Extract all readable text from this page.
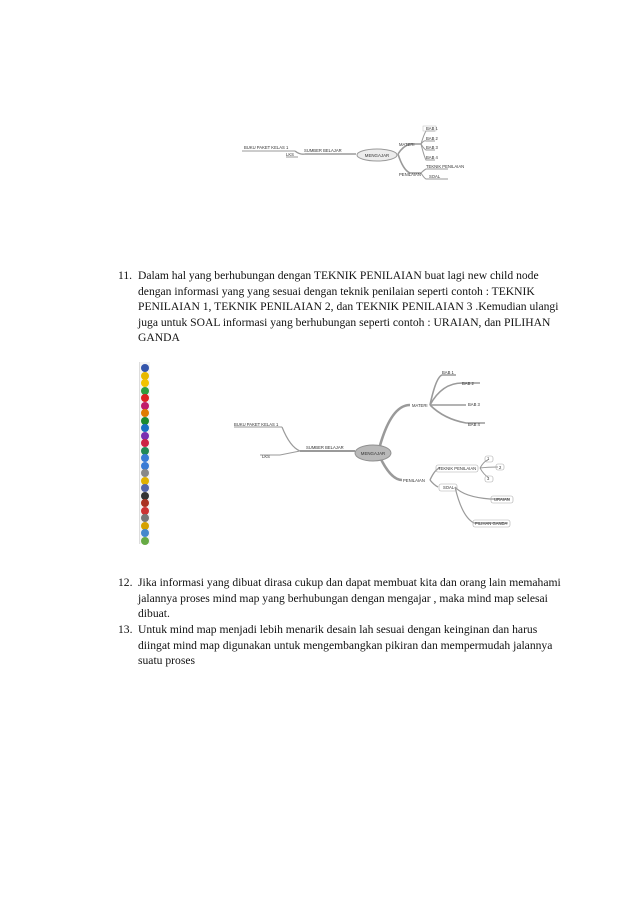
MENGAJAR
BUKU PAKET KELAS 1
LKS
SUMBER BELAJAR
MATERI
PENILAIAN
BAB 1
BAB 2
BAB 3
BAB 4
TEKNIK PENILAIAN
SOAL
11. Dalam hal yang berhubungan dengan TEKNIK PENILAIAN buat lagi new child node
dengan informasi yang yang sesuai dengan teknik penilaian seperti contoh : TEKNIK
PENILAIAN 1, TEKNIK PENILAIAN 2, dan TEKNIK PENILAIAN 3 .Kemudian ulangi
juga untuk SOAL informasi yang berhubungan seperti contoh : URAIAN, dan PILIHAN
GANDA
MENGAJAR
BUKU PAKET KELAS 1
LKS
SUMBER BELAJAR
MATERI
PENILAIAN
BAB 1
BAB 2
BAB 3
BAB 4
TEKNIK PENILAIAN
1
2
3
SOAL
URAIAN
PILIHAN GANDA
12. Jika informasi yang dibuat dirasa cukup dan dapat membuat kita dan orang lain memahami
jalannya proses mind map yang berhubungan dengan mengajar , maka mind map selesai
dibuat.
13. Untuk mind map menjadi lebih menarik desain lah sesuai dengan keinginan dan harus
diingat mind map digunakan untuk mengembangkan pikiran dan mempermudah jalannya
suatu proses
